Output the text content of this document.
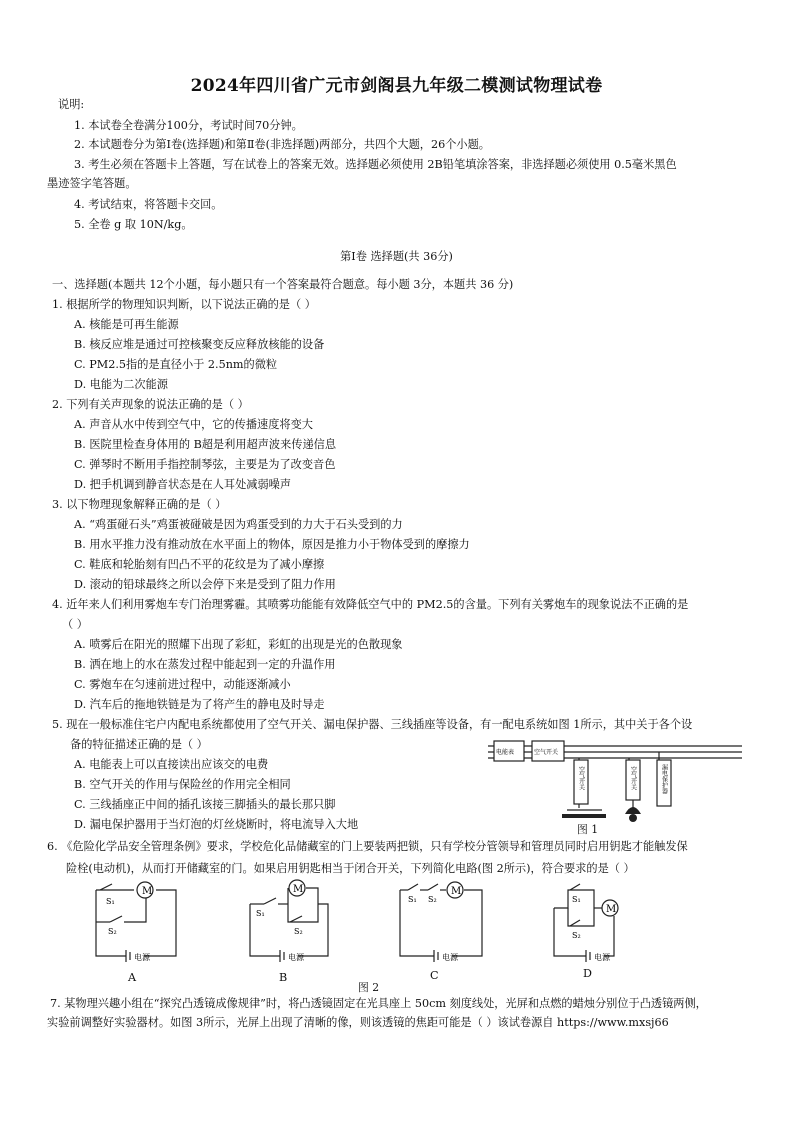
2024年四川省广元市剑阁县九年级二模测试物理试卷
说明:
1. 本试卷全卷满分100分，考试时间70分钟。
2. 本试题卷分为第Ⅰ卷(选择题)和第Ⅱ卷(非选择题)两部分，共四个大题，26个小题。
3. 考生必须在答题卡上答题，写在试卷上的答案无效。选择题必须使用 2B铅笔填涂答案，非选择题必须使用 0.5毫米黑色
墨迹签字笔答题。
4. 考试结束，将答题卡交回。
5. 全卷 g 取 10N/kg。
第Ⅰ卷 选择题(共 36分)
一、选择题(本题共 12个小题，每小题只有一个答案最符合题意。每小题 3分，本题共 36 分)
1. 根据所学的物理知识判断，以下说法正确的是（ ）
A. 核能是可再生能源
B. 核反应堆是通过可控核聚变反应释放核能的设备
C. PM2.5指的是直径小于 2.5nm的微粒
D. 电能为二次能源
2. 下列有关声现象的说法正确的是（ ）
A. 声音从水中传到空气中，它的传播速度将变大
B. 医院里检查身体用的 B超是利用超声波来传递信息
C. 弹琴时不断用手指控制琴弦，主要是为了改变音色
D. 把手机调到静音状态是在人耳处减弱噪声
3. 以下物理现象解释正确的是（ ）
A. “鸡蛋碰石头”鸡蛋被碰破是因为鸡蛋受到的力大于石头受到的力
B. 用水平推力没有推动放在水平面上的物体，原因是推力小于物体受到的摩擦力
C. 鞋底和轮胎刻有凹凸不平的花纹是为了减小摩擦
D. 滚动的铅球最终之所以会停下来是受到了阻力作用
4. 近年来人们利用雾炮车专门治理雾霾。其喷雾功能能有效降低空气中的 PM2.5的含量。下列有关雾炮车的现象说法不正确的是
（ ）
A. 喷雾后在阳光的照耀下出现了彩虹，彩虹的出现是光的色散现象
B. 洒在地上的水在蒸发过程中能起到一定的升温作用
C. 雾炮车在匀速前进过程中，动能逐渐减小
D. 汽车后的拖地铁链是为了将产生的静电及时导走
5. 现在一般标准住宅户内配电系统都使用了空气开关、漏电保护器、三线插座等设备，有一配电系统如图 1所示，其中关于各个设
备的特征描述正确的是（ ）
A. 电能表上可以直接读出应该交的电费
B. 空气开关的作用与保险丝的作用完全相同
C. 三线插座正中间的插孔该接三脚插头的最长那只脚
D. 漏电保护器用于当灯泡的灯丝烧断时，将电流导入大地
电能表	空气开关
空气开关	空气开关	漏电保护器
图 1
6. 《危险化学品安全管理条例》要求，学校危化品储藏室的门上要装两把锁，只有学校分管领导和管理员同时启用钥匙才能触发保
险栓(电动机)，从而打开储藏室的门。如果启用钥匙相当于闭合开关，下列简化电路(图 2所示)，符合要求的是（ ）
M
S₁
S₂
电源
A
M
S₁
S₂
电源
B
M
S₁ S₂
电源
C
M
S₁
S₂
电源
D
图 2
7. 某物理兴趣小组在“探究凸透镜成像规律”时，将凸透镜固定在光具座上 50cm 刻度线处，光屏和点燃的蜡烛分别位于凸透镜两侧，
实验前调整好实验器材。如图 3所示，光屏上出现了清晰的像，则该透镜的焦距可能是（ ）该试卷源自 https://www.mxsj66
